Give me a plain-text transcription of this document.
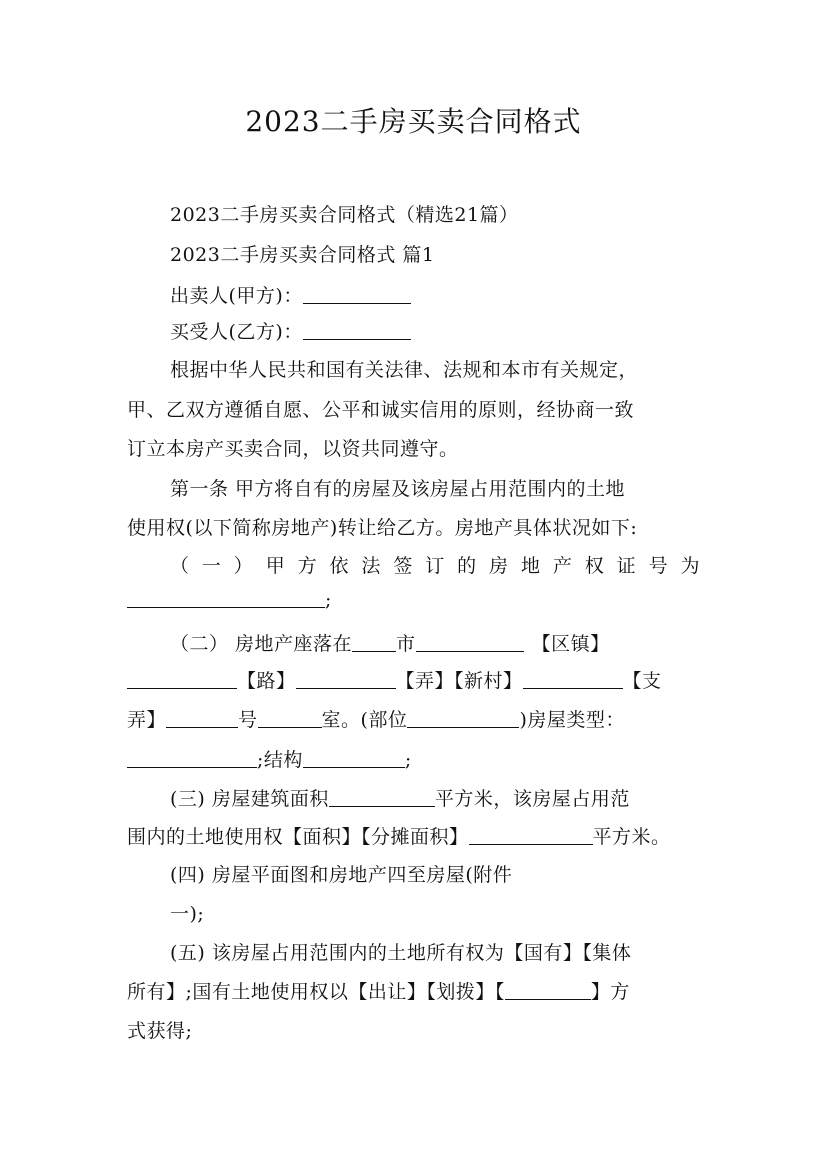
2023二手房买卖合同格式
2023二手房买卖合同格式（精选21篇）
2023二手房买卖合同格式 篇1
出卖人(甲方)：
买受人(乙方)：
根据中华人民共和国有关法律、法规和本市有关规定，
甲、乙双方遵循自愿、公平和诚实信用的原则，经协商一致
订立本房产买卖合同，以资共同遵守。
第一条 甲方将自有的房屋及该房屋占用范围内的土地
使用权(以下简称房地产)转让给乙方。房地产具体状况如下:
（一）甲方依法签订的房地产权证号为
;
（二） 房地产座落在 市	【区镇】
【路】	【弄】【新村】	【支
弄】	号	室。(部位	)房屋类型：
;结构	;
(三) 房屋建筑面积	平方米，该房屋占用范
围内的土地使用权【面积】【分摊面积】	平方米。
(四) 房屋平面图和房地产四至房屋(附件
一);
(五) 该房屋占用范围内的土地所有权为【国有】【集体
所有】;国有土地使用权以【出让】【划拨】【	】方
式获得;
